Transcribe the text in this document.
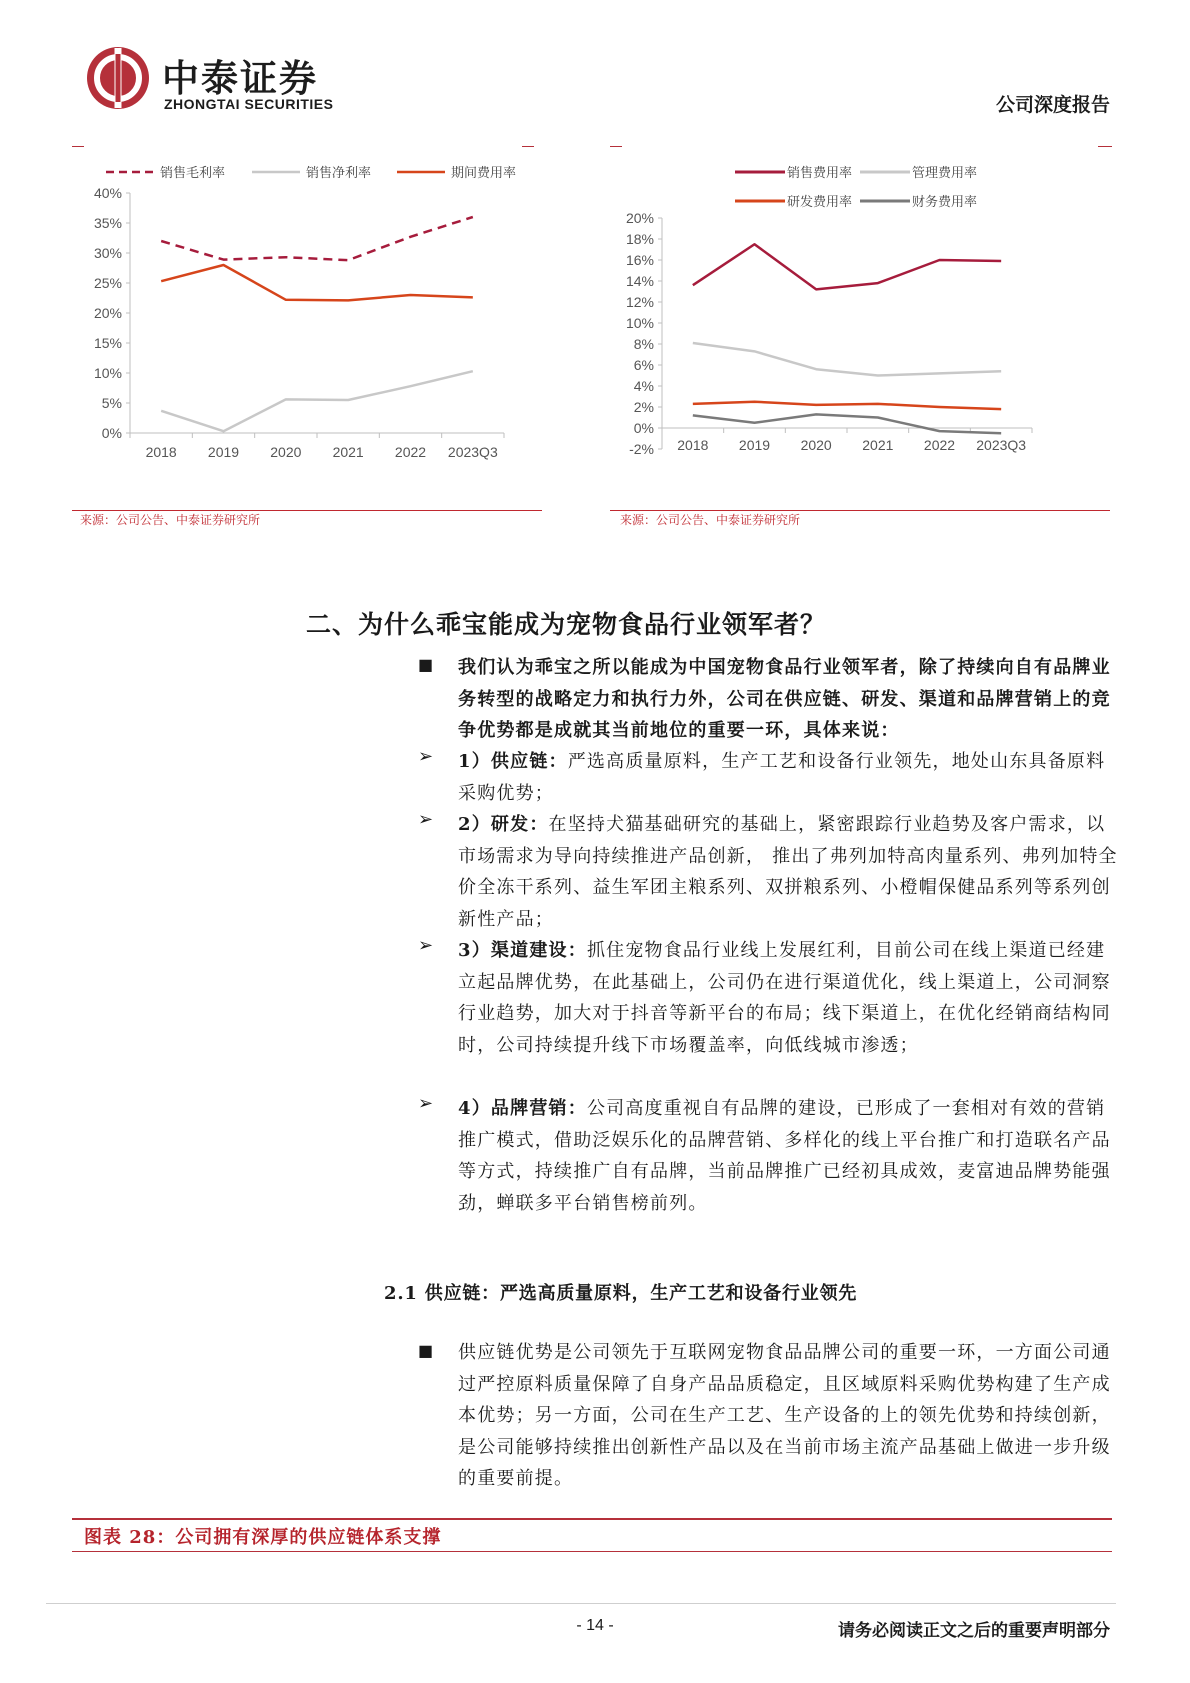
中泰证券
ZHONGTAI SECURITIES	公司深度报告
销售毛利率	销售净利率	期间费用率
0%
5%
10%
15%
20%
25%
30%
35%
40%
2018 2019 2020 2021 2022 2023Q3
来源：公司公告、中泰证券研究所
销售费用率	管理费用率
研发费用率	财务费用率
-2%
0%
2%
4%
6%
8%
10%
12%
14%
16%
18%
20%
2018 2019 2020 2021 2022 2023Q3
来源：公司公告、中泰证券研究所
二、为什么乖宝能成为宠物食品行业领军者？
■ 我们认为乖宝之所以能成为中国宠物食品行业领军者，除了持续向自有品牌业务转型的战略定力和执行力外，公司在供应链、研发、渠道和品牌营销上的竞争优势都是成就其当前地位的重要一环，具体来说：
➢ 1）供应链：严选高质量原料，生产工艺和设备行业领先，地处山东具备原料采购优势；
➢ 2）研发：在坚持犬猫基础研究的基础上，紧密跟踪行业趋势及客户需求，以市场需求为导向持续推进产品创新， 推出了弗列加特高肉量系列、弗列加特全价全冻干系列、益生军团主粮系列、双拼粮系列、小橙帽保健品系列等系列创新性产品；
➢ 3）渠道建设：抓住宠物食品行业线上发展红利，目前公司在线上渠道已经建立起品牌优势，在此基础上，公司仍在进行渠道优化，线上渠道上，公司洞察行业趋势，加大对于抖音等新平台的布局；线下渠道上，在优化经销商结构同时，公司持续提升线下市场覆盖率，向低线城市渗透；
➢ 4）品牌营销：公司高度重视自有品牌的建设，已形成了一套相对有效的营销推广模式，借助泛娱乐化的品牌营销、多样化的线上平台推广和打造联名产品等方式，持续推广自有品牌，当前品牌推广已经初具成效，麦富迪品牌势能强劲，蝉联多平台销售榜前列。
2.1 供应链：严选高质量原料，生产工艺和设备行业领先
■ 供应链优势是公司领先于互联网宠物食品品牌公司的重要一环，一方面公司通过严控原料质量保障了自身产品品质稳定，且区域原料采购优势构建了生产成本优势；另一方面，公司在生产工艺、生产设备的上的领先优势和持续创新，是公司能够持续推出创新性产品以及在当前市场主流产品基础上做进一步升级的重要前提。
图表 28：公司拥有深厚的供应链体系支撑
- 14 -	请务必阅读正文之后的重要声明部分
